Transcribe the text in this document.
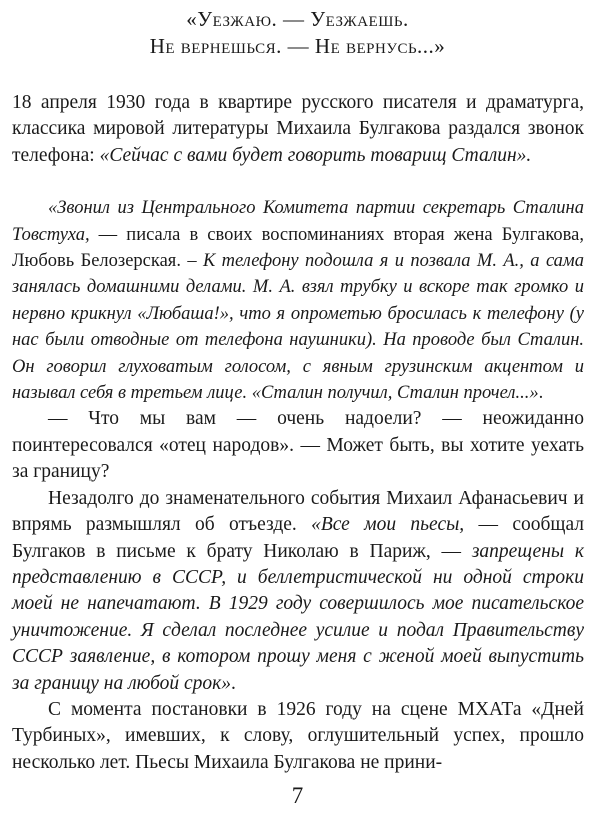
«Уезжаю. — Уезжаешь.
Не вернешься. — Не вернусь...»

18 апреля 1930 года в квартире русского писателя и драматурга, классика мировой литературы Михаила Булгакова раздался звонок телефона: «Сейчас с вами будет говорить товарищ Сталин».

«Звонил из Центрального Комитета партии секретарь Сталина Товстуха, — писала в своих воспоминаниях вторая жена Булгакова, Любовь Белозерская. – К телефону подошла я и позвала М. А., а сама занялась домашними делами. М. А. взял трубку и вскоре так громко и нервно крикнул «Любаша!», что я опрометью бросилась к телефону (у нас были отводные от телефона наушники). На проводе был Сталин. Он говорил глуховатым голосом, с явным грузинским акцентом и называл себя в третьем лице. «Сталин получил, Сталин прочел...».

— Что мы вам — очень надоели? — неожиданно поинтересовался «отец народов». — Может быть, вы хотите уехать за границу?

Незадолго до знаменательного события Михаил Афанасьевич и впрямь размышлял об отъезде. «Все мои пьесы, — сообщал Булгаков в письме к брату Николаю в Париж, — запрещены к представлению в СССР, и беллетристической ни одной строки моей не напечатают. В 1929 году совершилось мое писательское уничтожение. Я сделал последнее усилие и подал Правительству СССР заявление, в котором прошу меня с женой моей выпустить за границу на любой срок».

С момента постановки в 1926 году на сцене МХАТа «Дней Турбиных», имевших, к слову, оглушительный успех, прошло несколько лет. Пьесы Михаила Булгакова не прини-

7
